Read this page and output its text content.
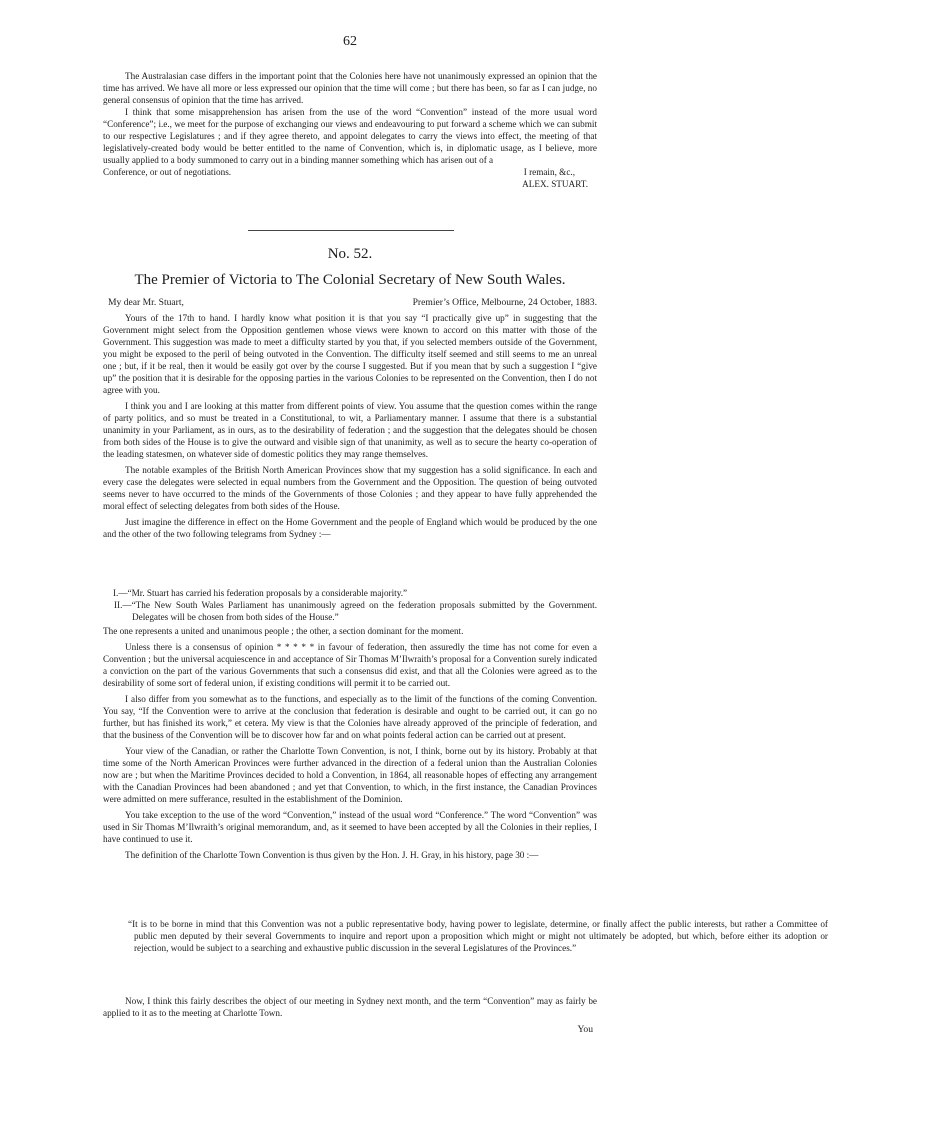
62

The Australasian case differs in the important point that the Colonies here have not unanimously expressed an opinion that the time has arrived. We have all more or less expressed our opinion that the time will come ; but there has been, so far as I can judge, no general consensus of opinion that the time has arrived.

I think that some misapprehension has arisen from the use of the word “Convention” instead of the more usual word “Conference”; i.e., we meet for the purpose of exchanging our views and endeavouring to put forward a scheme which we can submit to our respective Legislatures ; and if they agree thereto, and appoint delegates to carry the views into effect, the meeting of that legislatively-created body would be better entitled to the name of Convention, which is, in diplomatic usage, as I believe, more usually applied to a body summoned to carry out in a binding manner something which has arisen out of a

Conference, or out of negotiations.	I remain, &c.,

ALEX. STUART.

No. 52.
The Premier of Victoria to The Colonial Secretary of New South Wales.
My dear Mr. Stuart,	Premier’s Office, Melbourne, 24 October, 1883.

Yours of the 17th to hand. I hardly know what position it is that you say “I practically give up” in suggesting that the Government might select from the Opposition gentlemen whose views were known to accord on this matter with those of the Government. This suggestion was made to meet a difficulty started by you that, if you selected members outside of the Government, you might be exposed to the peril of being outvoted in the Convention. The difficulty itself seemed and still seems to me an unreal one ; but, if it be real, then it would be easily got over by the course I suggested. But if you mean that by such a suggestion I “give up” the position that it is desirable for the opposing parties in the various Colonies to be represented on the Convention, then I do not agree with you.

I think you and I are looking at this matter from different points of view. You assume that the question comes within the range of party politics, and so must be treated in a Constitutional, to wit, a Parliamentary manner. I assume that there is a substantial unanimity in your Parliament, as in ours, as to the desirability of federation ; and the suggestion that the delegates should be chosen from both sides of the House is to give the outward and visible sign of that unanimity, as well as to secure the hearty co-operation of the leading statesmen, on whatever side of domestic politics they may range themselves.

The notable examples of the British North American Provinces show that my suggestion has a solid significance. In each and every case the delegates were selected in equal numbers from the Government and the Opposition. The question of being outvoted seems never to have occurred to the minds of the Governments of those Colonies ; and they appear to have fully apprehended the moral effect of selecting delegates from both sides of the House.

Just imagine the difference in effect on the Home Government and the people of England which would be produced by the one and the other of the two following telegrams from Sydney :—

I.—“Mr. Stuart has carried his federation proposals by a considerable majority.”

II.—“The New South Wales Parliament has unanimously agreed on the federation proposals submitted by the Government. Delegates will be chosen from both sides of the House.”

The one represents a united and unanimous people ; the other, a section dominant for the moment.

Unless there is a consensus of opinion * * * * * in favour of federation, then assuredly the time has not come for even a Convention ; but the universal acquiescence in and acceptance of Sir Thomas M’Ilwraith’s proposal for a Convention surely indicated a conviction on the part of the various Governments that such a consensus did exist, and that all the Colonies were agreed as to the desirability of some sort of federal union, if existing conditions will permit it to be carried out.

I also differ from you somewhat as to the functions, and especially as to the limit of the functions of the coming Convention. You say, “If the Convention were to arrive at the conclusion that federation is desirable and ought to be carried out, it can go no further, but has finished its work,” et cetera. My view is that the Colonies have already approved of the principle of federation, and that the business of the Convention will be to discover how far and on what points federal action can be carried out at present.

Your view of the Canadian, or rather the Charlotte Town Convention, is not, I think, borne out by its history. Probably at that time some of the North American Provinces were further advanced in the direction of a federal union than the Australian Colonies now are ; but when the Maritime Provinces decided to hold a Convention, in 1864, all reasonable hopes of effecting any arrangement with the Canadian Provinces had been abandoned ; and yet that Convention, to which, in the first instance, the Canadian Provinces were admitted on mere sufferance, resulted in the establishment of the Dominion.

You take exception to the use of the word “Convention,” instead of the usual word “Conference.” The word “Convention” was used in Sir Thomas M’Ilwraith’s original memorandum, and, as it seemed to have been accepted by all the Colonies in their replies, I have continued to use it.

The definition of the Charlotte Town Convention is thus given by the Hon. J. H. Gray, in his history, page 30 :—

“It is to be borne in mind that this Convention was not a public representative body, having power to legislate, determine, or finally affect the public interests, but rather a Committee of public men deputed by their several Governments to inquire and report upon a proposition which might or might not ultimately be adopted, but which, before either its adoption or rejection, would be subject to a searching and exhaustive public discussion in the several Legislatures of the Provinces.”

Now, I think this fairly describes the object of our meeting in Sydney next month, and the term “Convention” may as fairly be applied to it as to the meeting at Charlotte Town.

You
